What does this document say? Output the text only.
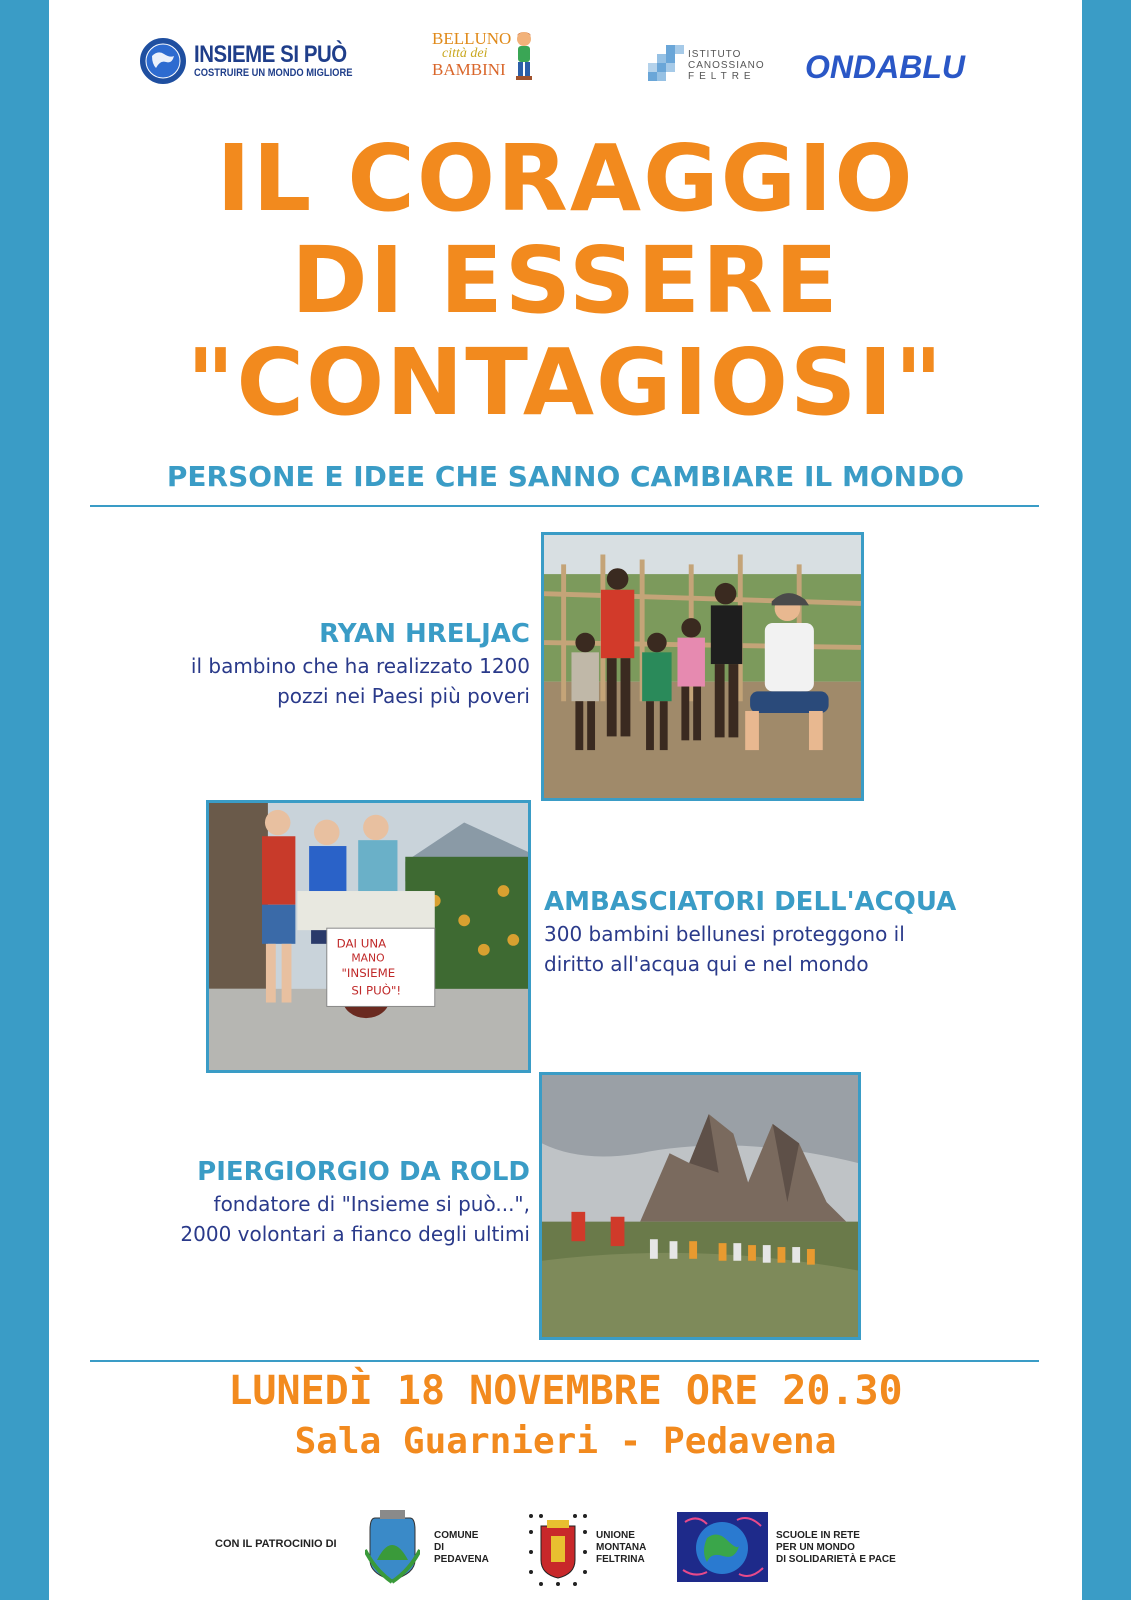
INSIEME SI PUÒ
COSTRUIRE UN MONDO MIGLIORE
BELLUNO
città dei
BAMBINI
ISTITUTO
CANOSSIANO
FELTRE ONDABLU
IL CORAGGIO
DI ESSERE
"CONTAGIOSI"
PERSONE E IDEE CHE SANNO CAMBIARE IL MONDO
RYAN HRELJAC
il bambino che ha realizzato 1200
pozzi nei Paesi più poveri
DAI UNA
MANO
"INSIEME
SI PUÒ"!
AMBASCIATORI DELL'ACQUA
300 bambini bellunesi proteggono il
diritto all'acqua qui e nel mondo
PIERGIORGIO DA ROLD
fondatore di "Insieme si può...",
2000 volontari a fianco degli ultimi
LUNEDÌ 18 NOVEMBRE ORE 20.30
Sala Guarnieri - Pedavena
CON IL PATROCINIO DI
COMUNE
DI
PEDAVENA
UNIONE
MONTANA
FELTRINA
SCUOLE IN RETE
PER UN MONDO
DI SOLIDARIETÀ E PACE
